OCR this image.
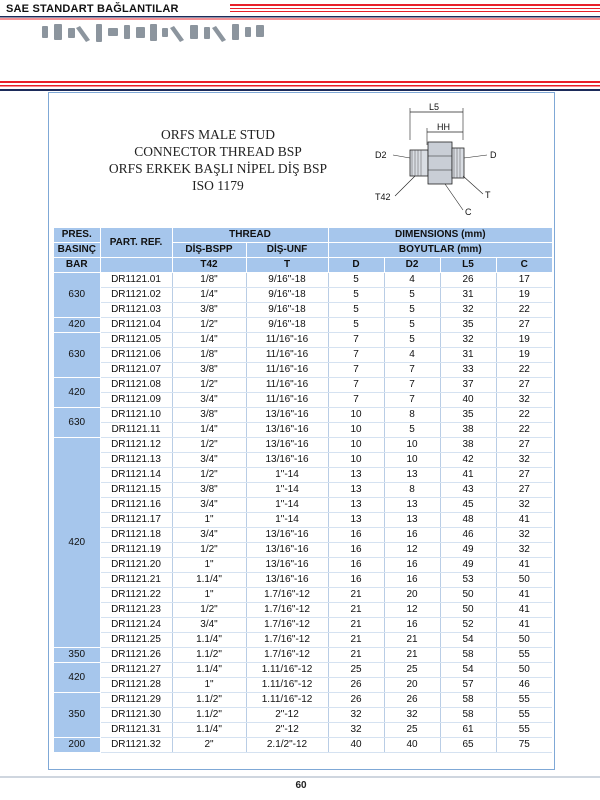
SAE STANDART BAĞLANTILAR
ORFS MALE STUD
CONNECTOR THREAD BSP
ORFS ERKEK BAŞLI NİPEL DİŞ BSP
ISO 1179
L5
HH
D2	D
T42	T
C
PRES.	PART. REF.	THREAD		DIMENSIONS (mm)			
BASINÇ		DİŞ-BSPP	DİŞ-UNF	BOYUTLAR (mm)			
BAR		T42	T	D	D2	L5	C
630	DR1121.01	1/8"	9/16"-18	5	4	26	17
	DR1121.02	1/4"	9/16"-18	5	5	31	19
	DR1121.03	3/8"	9/16"-18	5	5	32	22
420	DR1121.04	1/2"	9/16"-18	5	5	35	27
630	DR1121.05	1/4"	11/16"-16	7	5	32	19
	DR1121.06	1/8"	11/16"-16	7	4	31	19
	DR1121.07	3/8"	11/16"-16	7	7	33	22
420	DR1121.08	1/2"	11/16"-16	7	7	37	27
	DR1121.09	3/4"	11/16"-16	7	7	40	32
630	DR1121.10	3/8"	13/16"-16	10	8	35	22
	DR1121.11	1/4"	13/16"-16	10	5	38	22
420	DR1121.12	1/2"	13/16"-16	10	10	38	27
	DR1121.13	3/4"	13/16"-16	10	10	42	32
	DR1121.14	1/2"	1"-14	13	13	41	27
	DR1121.15	3/8"	1"-14	13	8	43	27
	DR1121.16	3/4"	1"-14	13	13	45	32
	DR1121.17	1"	1"-14	13	13	48	41
	DR1121.18	3/4"	13/16"-16	16	16	46	32
	DR1121.19	1/2"	13/16"-16	16	12	49	32
	DR1121.20	1"	13/16"-16	16	16	49	41
	DR1121.21	1.1/4"	13/16"-16	16	16	53	50
	DR1121.22	1"	1.7/16"-12	21	20	50	41
	DR1121.23	1/2"	1.7/16"-12	21	12	50	41
	DR1121.24	3/4"	1.7/16"-12	21	16	52	41
	DR1121.25	1.1/4"	1.7/16"-12	21	21	54	50
350	DR1121.26	1.1/2"	1.7/16"-12	21	21	58	55
420	DR1121.27	1.1/4"	1.11/16"-12	25	25	54	50
	DR1121.28	1"	1.11/16"-12	26	20	57	46
350	DR1121.29	1.1/2"	1.11/16"-12	26	26	58	55
	DR1121.30	1.1/2"	2"-12	32	32	58	55
	DR1121.31	1.1/4"	2"-12	32	25	61	55
200	DR1121.32	2"	2.1/2"-12	40	40	65	75
60
